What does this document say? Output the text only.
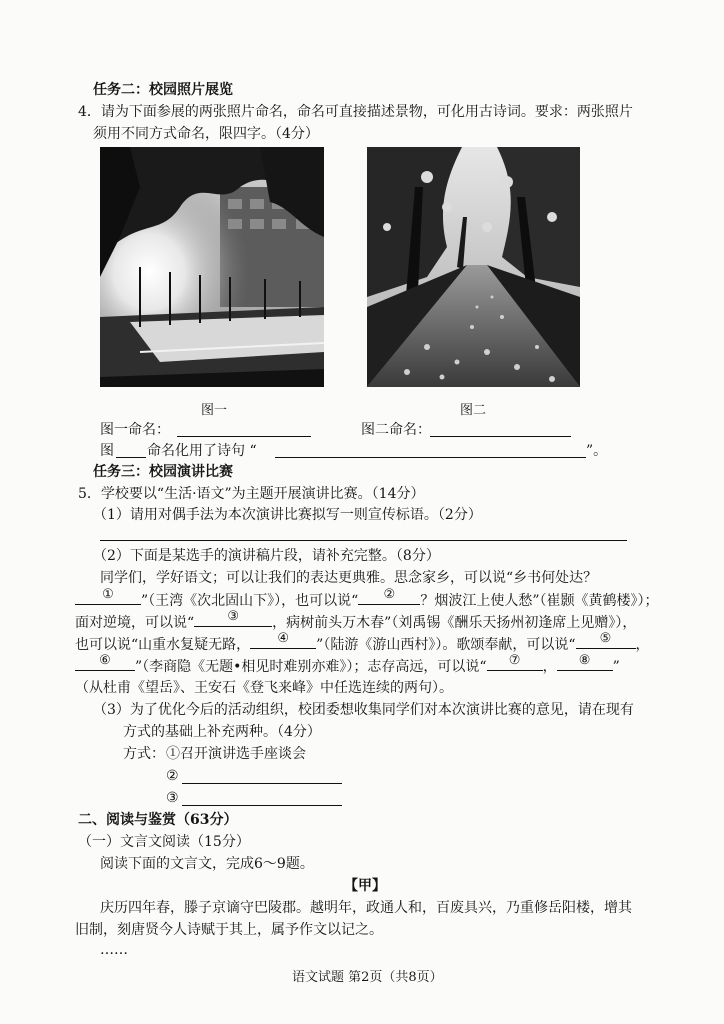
任务二：校园照片展览
4．请为下面参展的两张照片命名，命名可直接描述景物，可化用古诗词。要求：两张照片
须用不同方式命名，限四字。（4分）
图一	图二
图一命名：	图二命名：
图 命名化用了诗句 “	”。
任务三：校园演讲比赛
5．学校要以“生活·语文”为主题开展演讲比赛。（14分）
（1）请用对偶手法为本次演讲比赛拟写一则宣传标语。（2分）
（2）下面是某选手的演讲稿片段，请补充完整。（8分）
同学们，学好语文；可以让我们的表达更典雅。思念家乡，可以说“乡书何处达？
①	”（王湾《次北固山下》），也可以说“	②	？烟波江上使人愁”（崔颢《黄鹤楼》）；
面对逆境，可以说“	③	，病树前头万木春”（刘禹锡《酬乐天扬州初逢席上见赠》），
也可以说“山重水复疑无路，	④	”（陆游《游山西村》）。歌颂奉献，可以说“	⑤	，
⑥	”（李商隐《无题•相见时难别亦难》）；志存高远，可以说“	⑦	，	⑧	”
（从杜甫《望岳》、王安石《登飞来峰》中任选连续的两句）。
（3）为了优化今后的活动组织，校团委想收集同学们对本次演讲比赛的意见，请在现有
方式的基础上补充两种。（4分）
方式： ①召开演讲选手座谈会
②
③
二、阅读与鉴赏（63分）
（一）文言文阅读（15分）
阅读下面的文言文，完成6～9题。
【甲】
庆历四年春，滕子京谪守巴陵郡。越明年，政通人和，百废具兴，乃重修岳阳楼，增其
旧制，刻唐贤今人诗赋于其上，属予作文以记之。
……
语文试题 第2页（共8页）
